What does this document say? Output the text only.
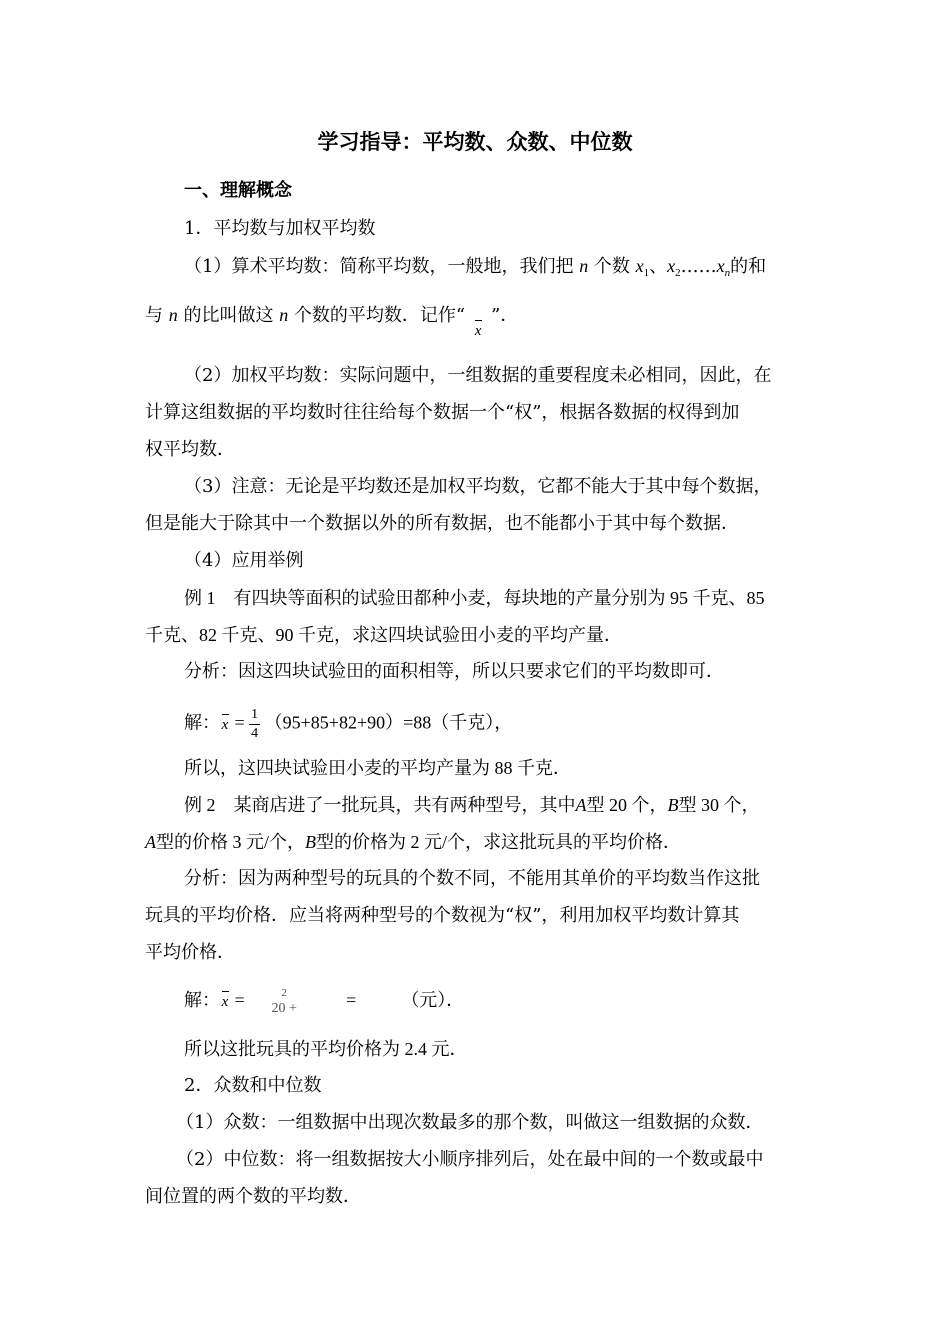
学习指导：平均数、众数、中位数
一、理解概念
1．平均数与加权平均数
（1）算术平均数：简称平均数，一般地，我们把 n 个数 $x_1$、$x_2\dots\dots x_n$的和
与 n 的比叫做这 n 个数的平均数．记作“
x”．
（2）加权平均数：实际问题中，一组数据的重要程度未必相同，因此，在
计算这组数据的平均数时往往给每个数据一个“权”，根据各数据的权得到加
权平均数．
（3）注意：无论是平均数还是加权平均数，它都不能大于其中每个数据，
但是能大于除其中一个数据以外的所有数据，也不能都小于其中每个数据．
（4）应用举例
例 1　有四块等面积的试验田都种小麦，每块地的产量分别为 95 千克、85
千克、82 千克、90 千克，求这四块试验田小麦的平均产量．
分析：因这四块试验田的面积相等，所以只要求它们的平均数即可．
解： $x = \frac{1}{4} (95+85+82+90)=88$（千克），
所以，这四块试验田小麦的平均产量为 88 千克．
例 2　某商店进了一批玩具，共有两种型号，其中A型 20 个，B型 30 个，
A型的价格 3 元/个，B型的价格为 2 元/个，求这批玩具的平均价格．
分析：因为两种型号的玩具的个数不同，不能用其单价的平均数当作这批
玩具的平均价格．应当将两种型号的个数视为“权”，利用加权平均数计算其
平均价格．
解： x =	2
20 +	=	（元）．
所以这批玩具的平均价格为 2.4 元．
2．众数和中位数
（1）众数：一组数据中出现次数最多的那个数，叫做这一组数据的众数．
（2）中位数：将一组数据按大小顺序排列后，处在最中间的一个数或最中
间位置的两个数的平均数．
